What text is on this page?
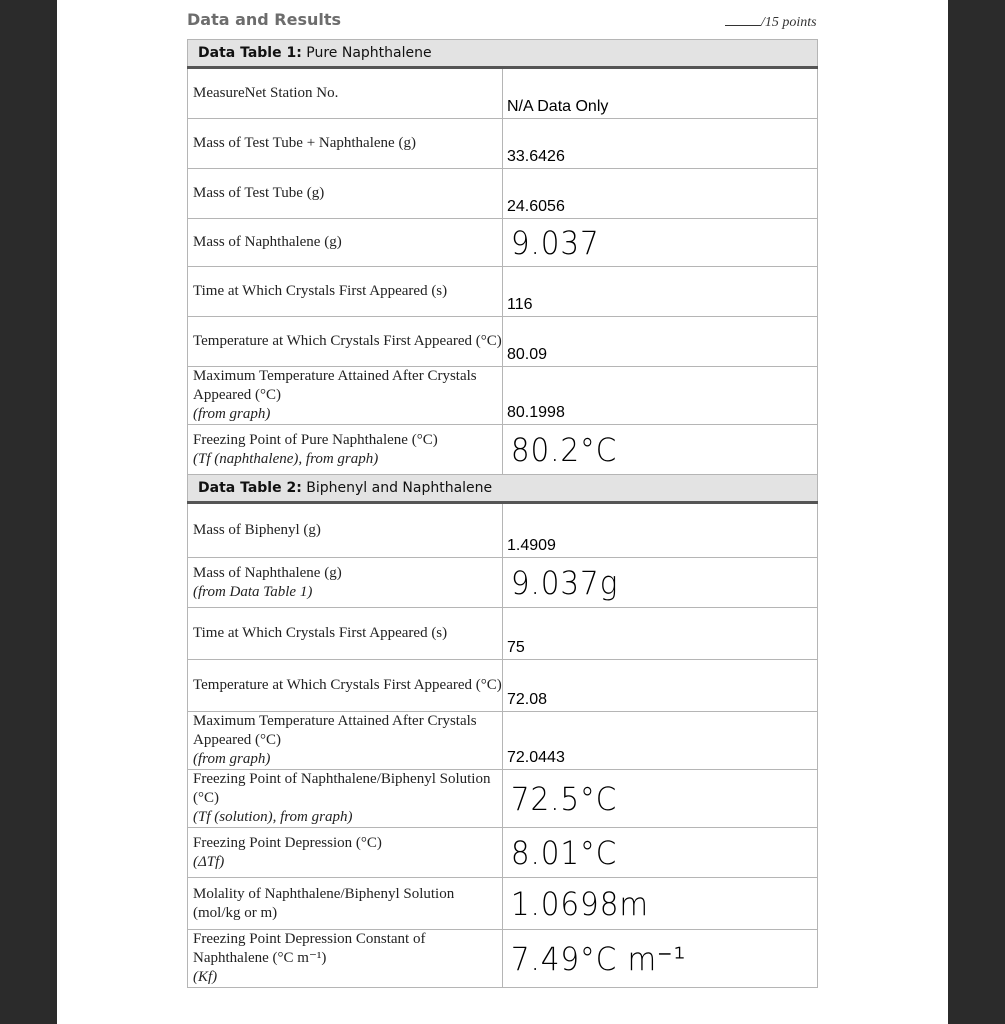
Data and Results	/15 points
Data Table 1: Pure Naphthalene	
MeasureNet Station No.	N/A Data Only
Mass of Test Tube + Naphthalene (g)	33.6426
Mass of Test Tube (g)	24.6056
Mass of Naphthalene (g)	9.037
Time at Which Crystals First Appeared (s)	116
Temperature at Which Crystals First Appeared (°C)	80.09
Maximum Temperature Attained After Crystals Appeared (°C)
(from graph)	80.1998
Freezing Point of Pure Naphthalene (°C)
(Tf (naphthalene), from graph)	80.2°C
Data Table 2: Biphenyl and Naphthalene	
Mass of Biphenyl (g)	1.4909
Mass of Naphthalene (g)
(from Data Table 1)	9.037g
Time at Which Crystals First Appeared (s)	75
Temperature at Which Crystals First Appeared (°C)	72.08
Maximum Temperature Attained After Crystals Appeared (°C)
(from graph)	72.0443
Freezing Point of Naphthalene/Biphenyl Solution (°C)
(Tf (solution), from graph)	72.5°C
Freezing Point Depression (°C)
(ΔTf)	8.01°C
Molality of Naphthalene/Biphenyl Solution (mol/kg or m)	1.0698m
Freezing Point Depression Constant of Naphthalene (°C m⁻¹)
(Kf)	7.49°C m⁻¹
